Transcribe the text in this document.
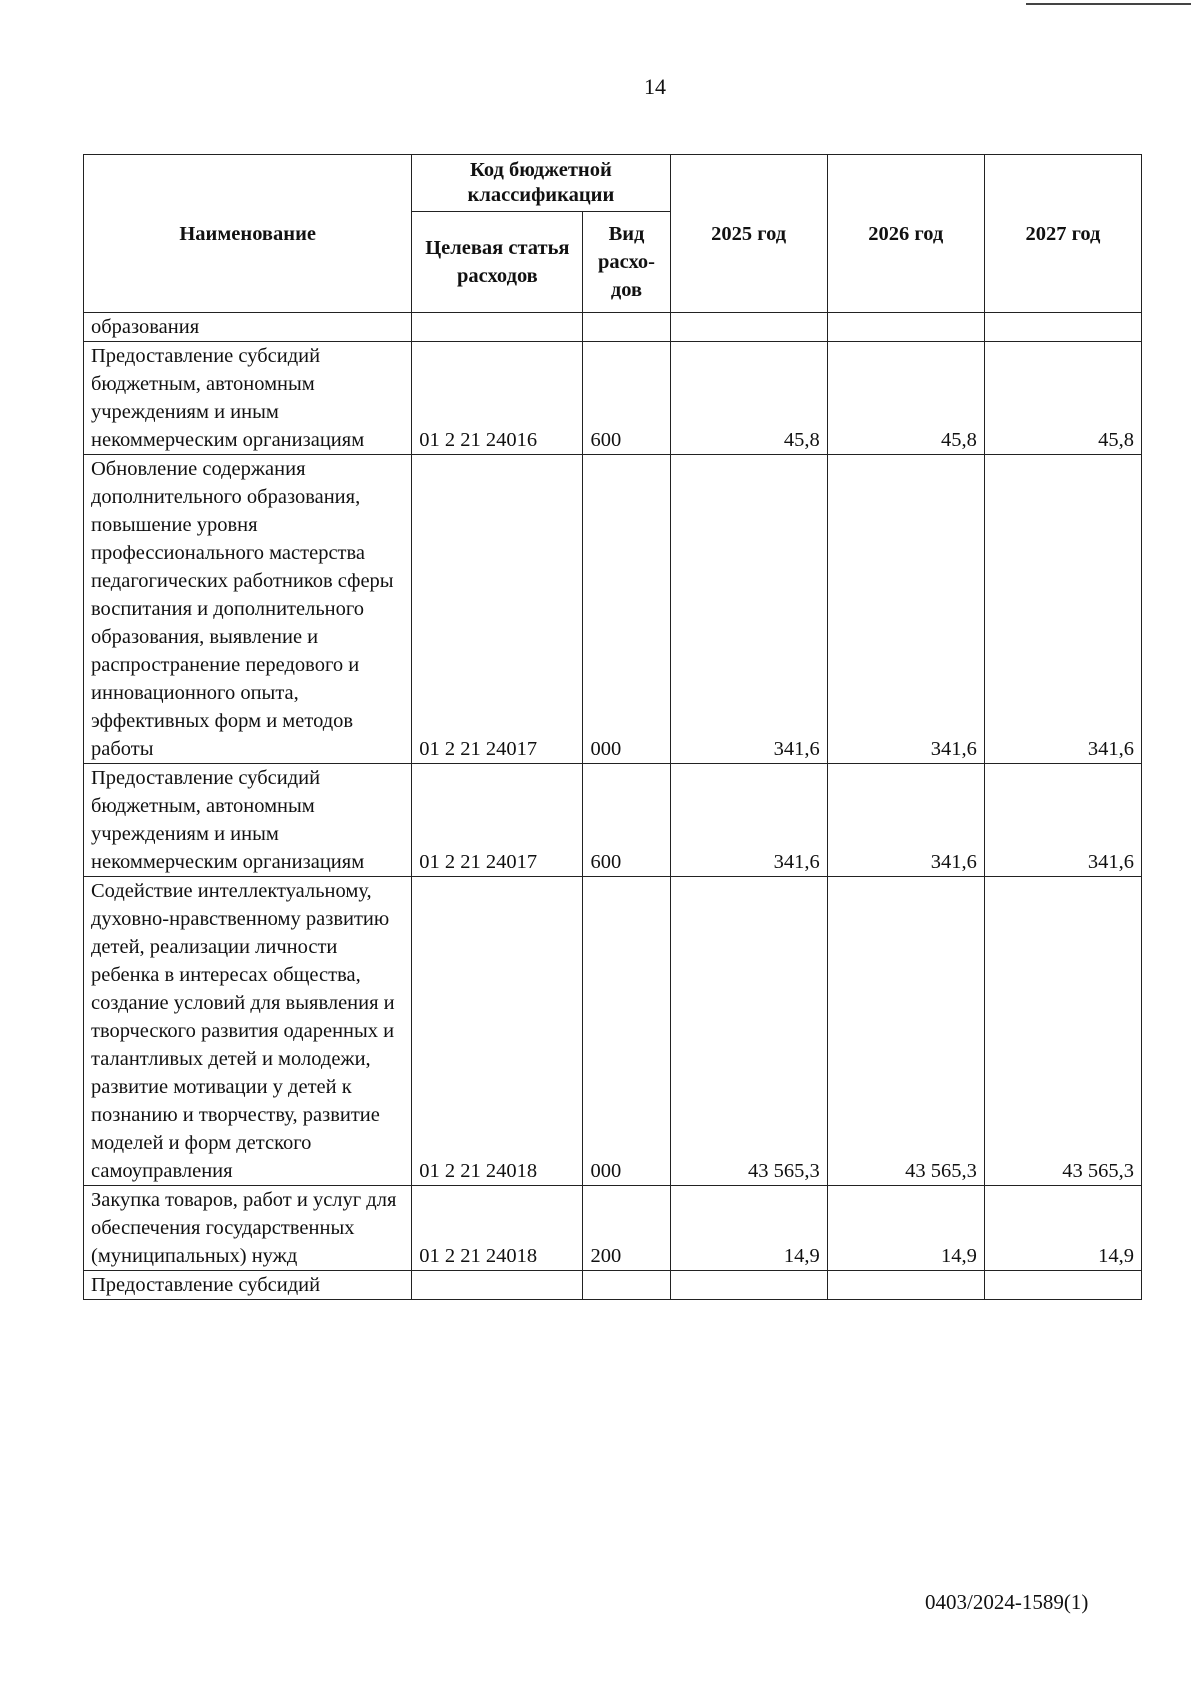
14
Наименование	Код бюджетной классификации		2025 год	2026 год	2027 год
	Целевая статья расходов	Вид расхо-дов			
образования					
Предоставление субсидий бюджетным, автономным учреждениям и иным некоммерческим организациям	01 2 21 24016	600	45,8	45,8	45,8
Обновление содержания дополнительного образования, повышение уровня профессионального мастерства педагогических работников сферы воспитания и дополнительного образования, выявление и распространение передового и инновационного опыта, эффективных форм и методов работы	01 2 21 24017	000	341,6	341,6	341,6
Предоставление субсидий бюджетным, автономным учреждениям и иным некоммерческим организациям	01 2 21 24017	600	341,6	341,6	341,6
Содействие интеллектуальному, духовно-нравственному развитию детей, реализации личности ребенка в интересах общества, создание условий для выявления и творческого развития одаренных и талантливых детей и молодежи, развитие мотивации у детей к познанию и творчеству, развитие моделей и форм детского самоуправления	01 2 21 24018	000	43 565,3	43 565,3	43 565,3
Закупка товаров, работ и услуг для обеспечения государственных (муниципальных) нужд	01 2 21 24018	200	14,9	14,9	14,9
Предоставление субсидий					
0403/2024-1589(1)
